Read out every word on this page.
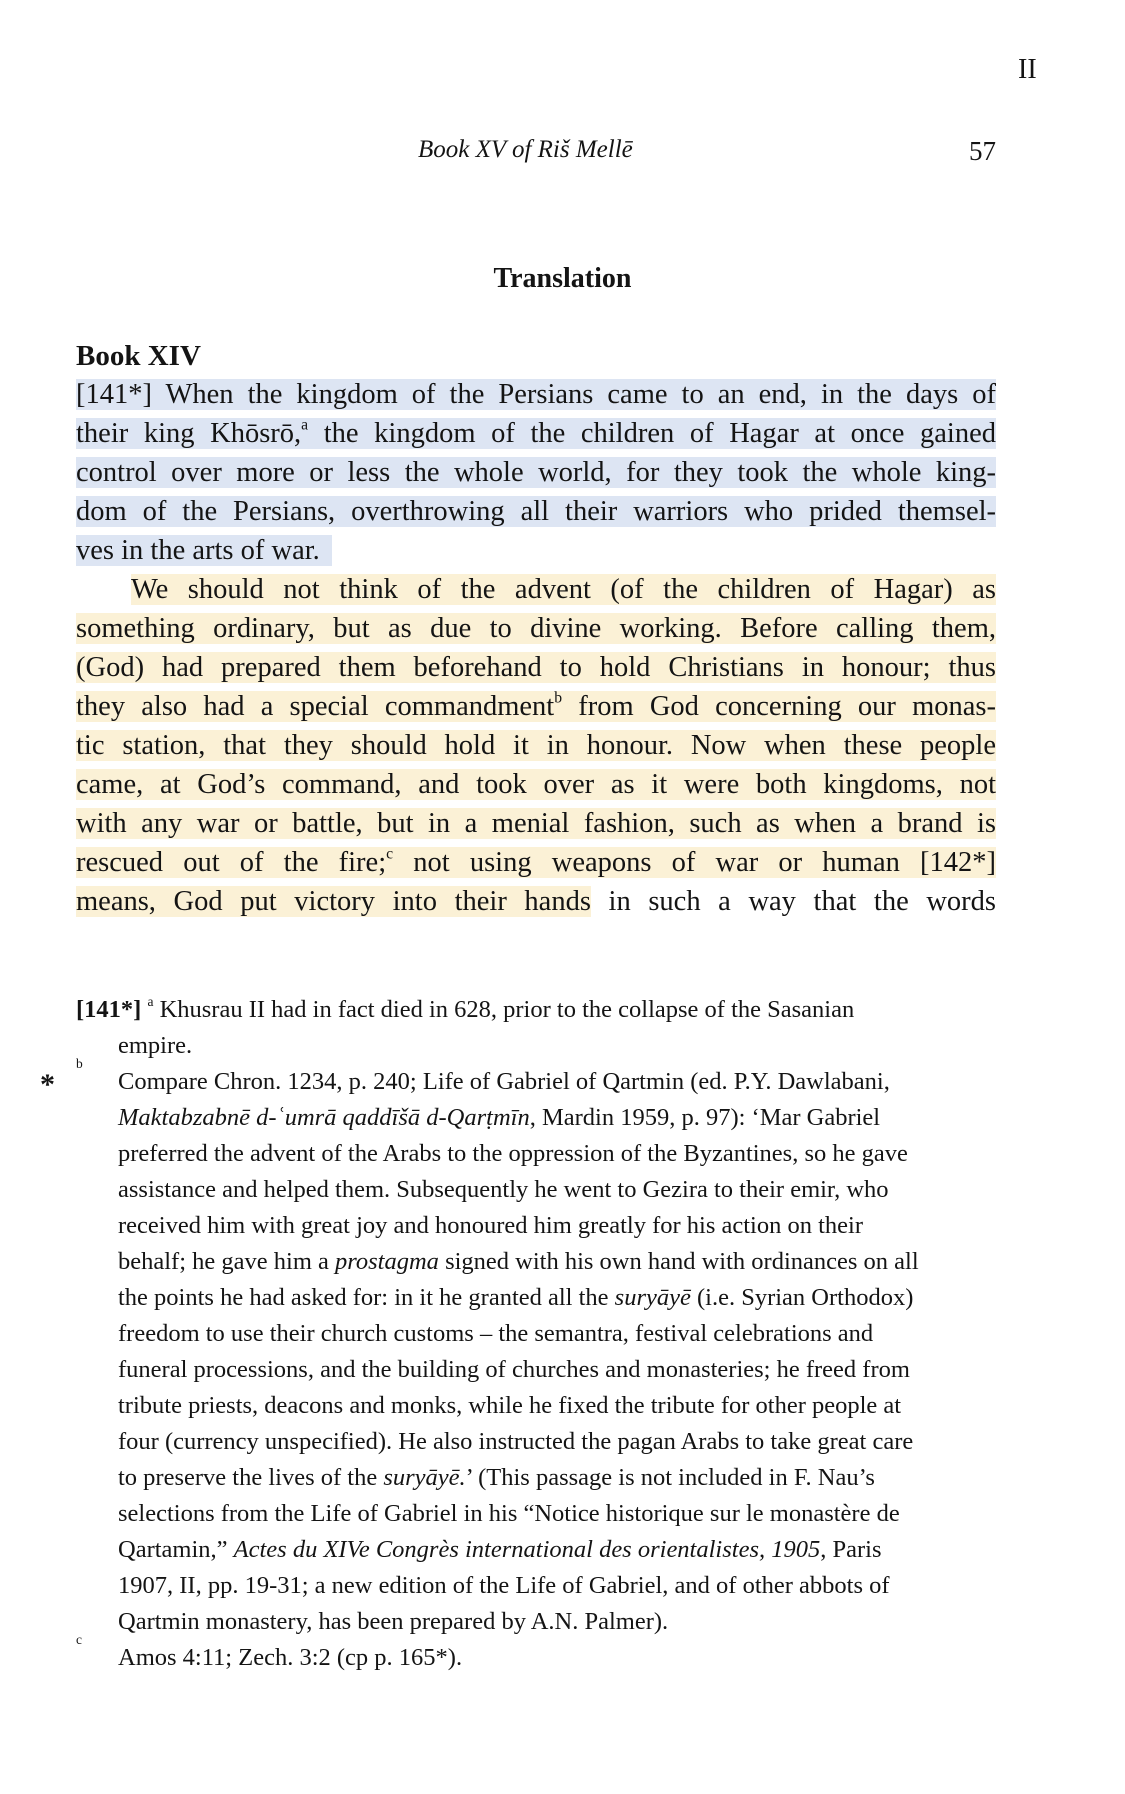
II
Book XV of Riš Mellē	57
Translation
Book XIV
[141*] When the kingdom of the Persians came to an end, in the days of
their king Khōsrō,$^a$ the kingdom of the children of Hagar at once gained
control over more or less the whole world, for they took the whole king-
dom of the Persians, overthrowing all their warriors who prided themsel-
ves in the arts of war.
We should not think of the advent (of the children of Hagar) as
something ordinary, but as due to divine working. Before calling them,
(God) had prepared them beforehand to hold Christians in honour; thus
they also had a special commandment$^b$ from God concerning our monas-
tic station, that they should hold it in honour. Now when these people
came, at God’s command, and took over as it were both kingdoms, not
with any war or battle, but in a menial fashion, such as when a brand is
rescued out of the fire;$^c$ not using weapons of war or human [142*]
means, God put victory into their hands in such a way that the words
*
[141*] $^a$ Khusrau II had in fact died in 628, prior to the collapse of the Sasanian
empire.
b
Compare Chron. 1234, p. 240; Life of Gabriel of Qartmin (ed. P.Y. Dawlabani,
Maktabzabnē d-ʿumrā qaddīšā d-Qarṭmīn, Mardin 1959, p. 97): ‘Mar Gabriel
preferred the advent of the Arabs to the oppression of the Byzantines, so he gave
assistance and helped them. Subsequently he went to Gezira to their emir, who
received him with great joy and honoured him greatly for his action on their
behalf; he gave him a prostagma signed with his own hand with ordinances on all
the points he had asked for: in it he granted all the suryāyē (i.e. Syrian Orthodox)
freedom to use their church customs – the semantra, festival celebrations and
funeral processions, and the building of churches and monasteries; he freed from
tribute priests, deacons and monks, while he fixed the tribute for other people at
four (currency unspecified). He also instructed the pagan Arabs to take great care
to preserve the lives of the suryāyē.’ (This passage is not included in F. Nau’s
selections from the Life of Gabriel in his “Notice historique sur le monastère de
Qartamin,” Actes du XIVe Congrès international des orientalistes, 1905, Paris
1907, II, pp. 19-31; a new edition of the Life of Gabriel, and of other abbots of
Qartmin monastery, has been prepared by A.N. Palmer).
c
Amos 4:11; Zech. 3:2 (cp p. 165*).
